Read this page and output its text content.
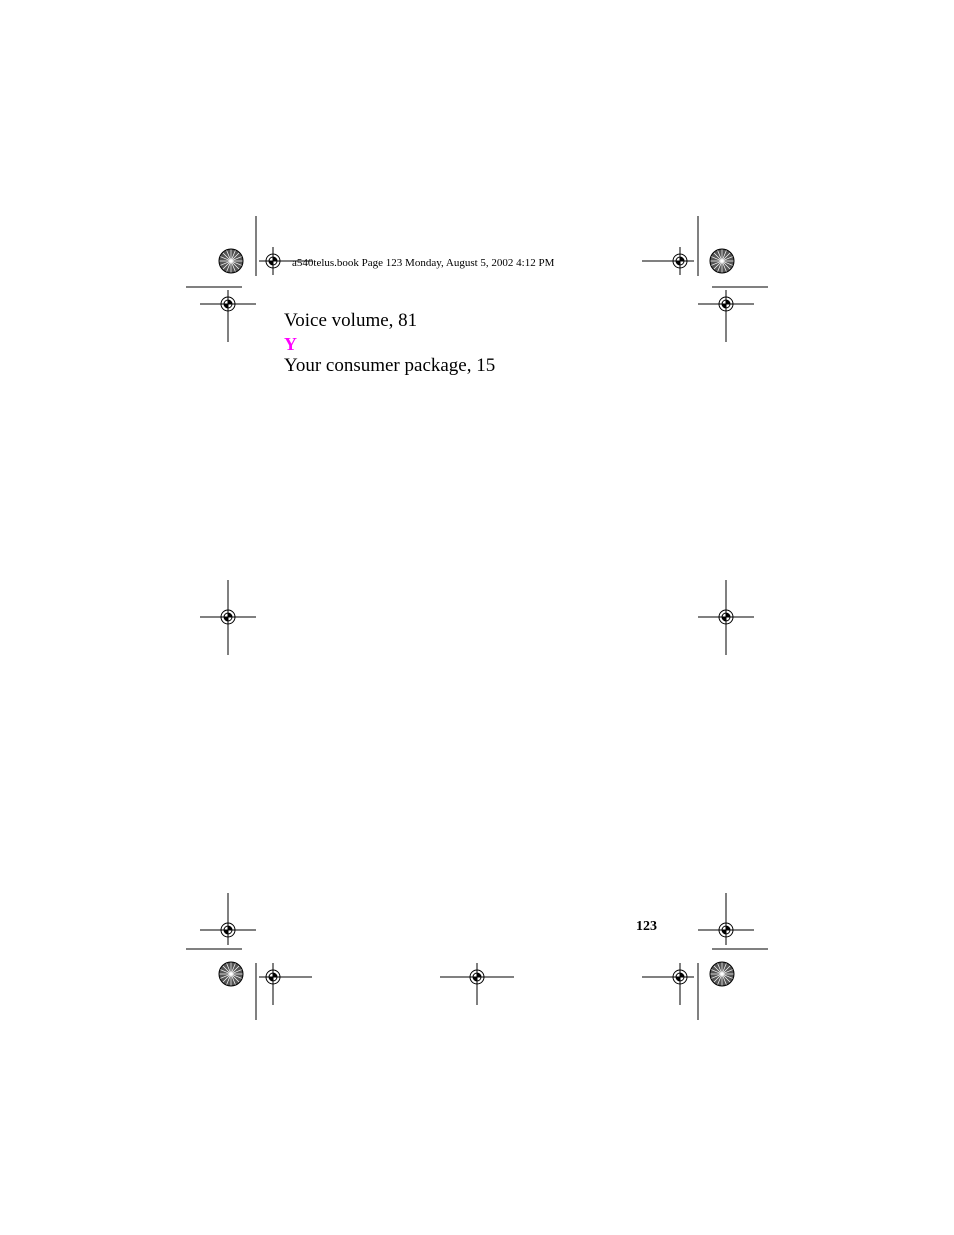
a540telus.book Page 123 Monday, August 5, 2002 4:12 PM
Voice volume, 81
Y
Your consumer package, 15
123
